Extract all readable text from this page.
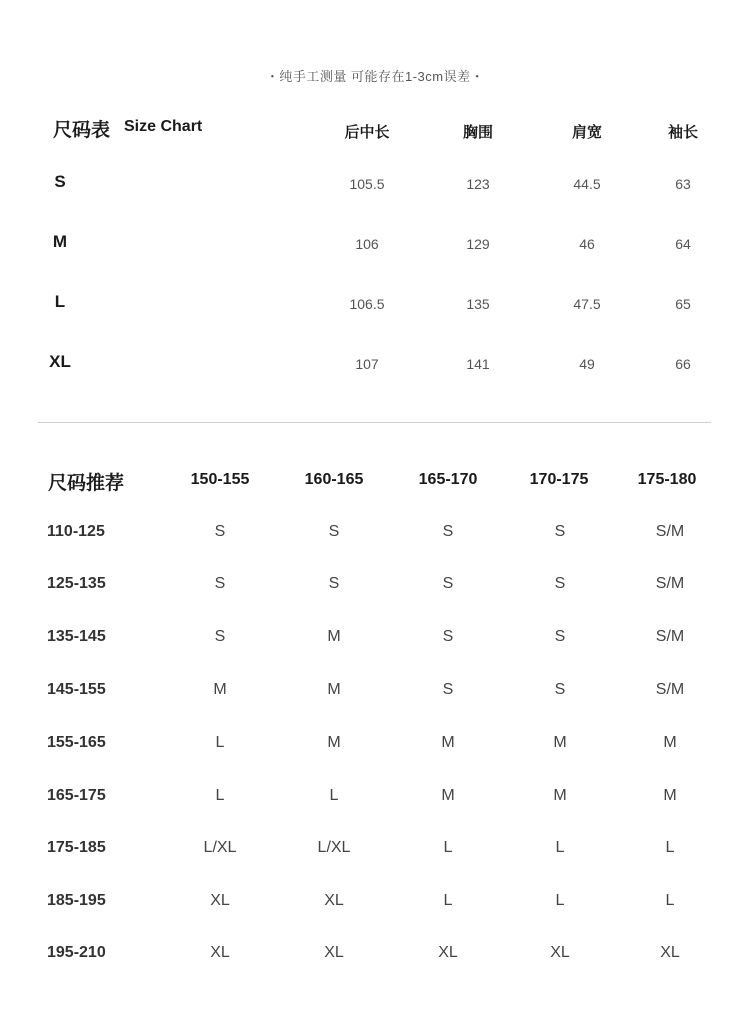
・纯手工测量 可能存在1-3cm误差・
尺码表 Size Chart	后中长	胸围	肩宽	袖长
S	105.5	123	44.5	63
M	106	129	46	64
L	106.5	135	47.5	65
XL	107	141	49	66
尺码推荐	150-155	160-165	165-170	170-175	175-180
110-125	S	S	S	S	S/M
125-135	S	S	S	S	S/M
135-145	S	M	S	S	S/M
145-155	M	M	S	S	S/M
155-165	L	M	M	M	M
165-175	L	L	M	M	M
175-185	L/XL	L/XL	L	L	L
185-195	XL	XL	L	L	L
195-210	XL	XL	XL	XL	XL
